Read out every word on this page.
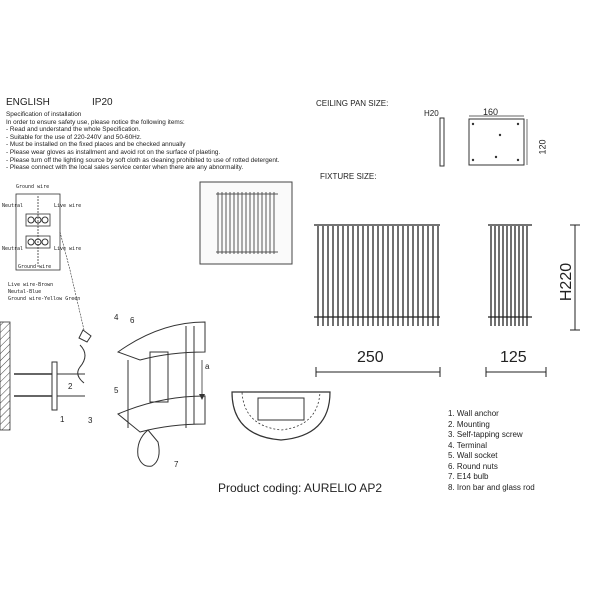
ENGLISH	IP20
Specification of installation
In order to ensure safety use, please notice the following items:
- Read and understand the whole Specification.
- Suitable for the use of 220-240V and 50-60Hz.
- Must be installed on the fixed places and be checked annually
- Please wear gloves as installment and avoid rot on the surface of plaeting.
- Please turn off the lighting source by soft cloth as cleaning prohibited to use of rotted detergent.
- Please connect with the local sales service center when there are any abnormality.
CEILING PAN SIZE:
H20	160
120
Ground wire
Neutral	Live wire
Neutral	Live wire
Ground wire
Live wire-Brown
Neutal-Blue
Ground wire-Yellow Green
4
2
1	3
5
6
7
a
FIXTURE SIZE:
250	125
H220
Product coding: AURELIO AP2
1. Wall anchor
2. Mounting
3. Self-tapping screw
4. Terminal
5. Wall socket
6. Round nuts
7. E14 bulb
8. Iron bar and glass rod
